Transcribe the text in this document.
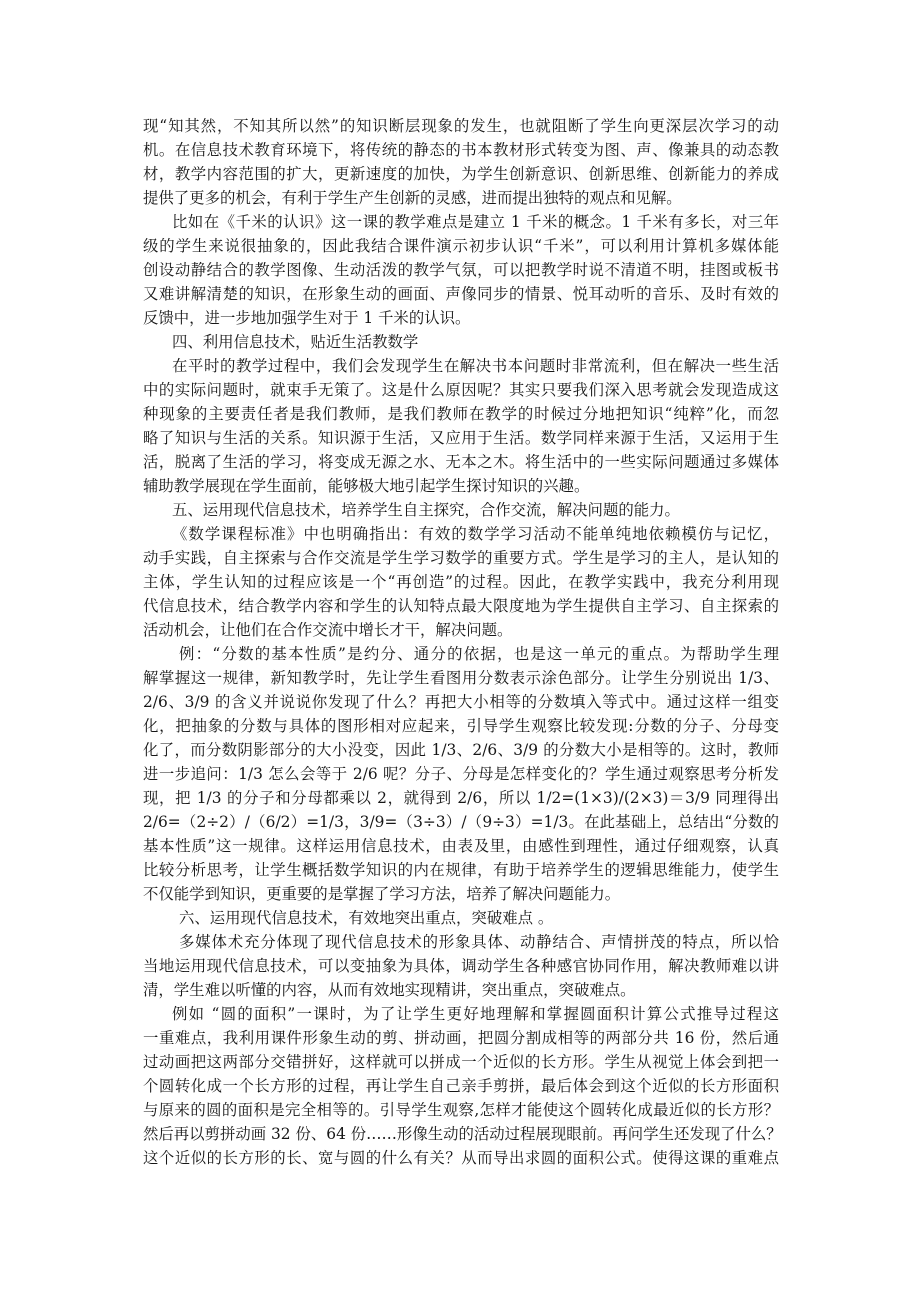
现“知其然，不知其所以然”的知识断层现象的发生，也就阻断了学生向更深层次学习的动
机。在信息技术教育环境下，将传统的静态的书本教材形式转变为图、声、像兼具的动态教
材，教学内容范围的扩大，更新速度的加快，为学生创新意识、创新思维、创新能力的养成
提供了更多的机会，有利于学生产生创新的灵感，进而提出独特的观点和见解。
比如在《千米的认识》这一课的教学难点是建立 1 千米的概念。1 千米有多长，对三年
级的学生来说很抽象的，因此我结合课件演示初步认识“千米”，可以利用计算机多媒体能
创设动静结合的教学图像、生动活泼的教学气氛，可以把教学时说不清道不明，挂图或板书
又难讲解清楚的知识，在形象生动的画面、声像同步的情景、悦耳动听的音乐、及时有效的
反馈中，进一步地加强学生对于 1 千米的认识。
四、利用信息技术，贴近生活教数学
在平时的教学过程中，我们会发现学生在解决书本问题时非常流利，但在解决一些生活
中的实际问题时，就束手无策了。这是什么原因呢？其实只要我们深入思考就会发现造成这
种现象的主要责任者是我们教师，是我们教师在教学的时候过分地把知识“纯粹”化，而忽
略了知识与生活的关系。知识源于生活，又应用于生活。数学同样来源于生活，又运用于生
活，脱离了生活的学习，将变成无源之水、无本之木。将生活中的一些实际问题通过多媒体
辅助教学展现在学生面前，能够极大地引起学生探讨知识的兴趣。
五、运用现代信息技术，培养学生自主探究，合作交流，解决问题的能力。
《数学课程标准》中也明确指出：有效的数学学习活动不能单纯地依赖模仿与记忆，
动手实践，自主探索与合作交流是学生学习数学的重要方式。学生是学习的主人，是认知的
主体，学生认知的过程应该是一个“再创造”的过程。因此，在教学实践中，我充分利用现
代信息技术，结合教学内容和学生的认知特点最大限度地为学生提供自主学习、自主探索的
活动机会，让他们在合作交流中增长才干，解决问题。
例：“分数的基本性质”是约分、通分的依据，也是这一单元的重点。为帮助学生理
解掌握这一规律，新知教学时，先让学生看图用分数表示涂色部分。让学生分别说出 1/3、
2/6、3/9 的含义并说说你发现了什么？再把大小相等的分数填入等式中。通过这样一组变
化，把抽象的分数与具体的图形相对应起来，引导学生观察比较发现:分数的分子、分母变
化了，而分数阴影部分的大小没变，因此 1/3、2/6、3/9 的分数大小是相等的。这时，教师
进一步追问：1/3 怎么会等于 2/6 呢？分子、分母是怎样变化的？学生通过观察思考分析发
现，把 1/3 的分子和分母都乘以 2，就得到 2/6，所以 1/2=(1×3)/(2×3)＝3/9 同理得出
2/6=（2÷2）/（6/2）=1/3，3/9=（3÷3）/（9÷3）=1/3。在此基础上，总结出“分数的
基本性质”这一规律。这样运用信息技术，由表及里，由感性到理性，通过仔细观察，认真
比较分析思考，让学生概括数学知识的内在规律，有助于培养学生的逻辑思维能力，使学生
不仅能学到知识，更重要的是掌握了学习方法，培养了解决问题能力。
六、运用现代信息技术，有效地突出重点，突破难点 。
多媒体术充分体现了现代信息技术的形象具体、动静结合、声情拼茂的特点，所以恰
当地运用现代信息技术，可以变抽象为具体，调动学生各种感官协同作用，解决教师难以讲
清，学生难以听懂的内容，从而有效地实现精讲，突出重点，突破难点。
例如 “圆的面积”一课时，为了让学生更好地理解和掌握圆面积计算公式推导过程这
一重难点，我利用课件形象生动的剪、拼动画，把圆分割成相等的两部分共 16 份，然后通
过动画把这两部分交错拼好，这样就可以拼成一个近似的长方形。学生从视觉上体会到把一
个圆转化成一个长方形的过程，再让学生自己亲手剪拼，最后体会到这个近似的长方形面积
与原来的圆的面积是完全相等的。引导学生观察,怎样才能使这个圆转化成最近似的长方形？
然后再以剪拼动画 32 份、64 份……形像生动的活动过程展现眼前。再问学生还发现了什么？
这个近似的长方形的长、宽与圆的什么有关？从而导出求圆的面积公式。使得这课的重难点
